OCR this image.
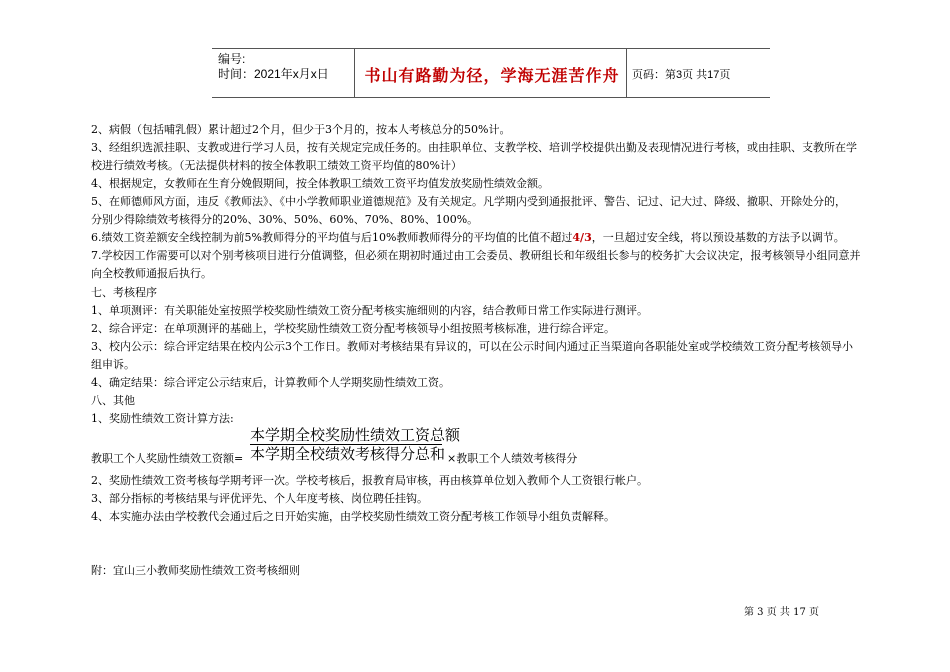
编号:
时间：2021年x月x日	书山有路勤为径，学海无涯苦作舟	页码：第3页 共17页
2、病假（包括哺乳假）累计超过2个月，但少于3个月的，按本人考核总分的50%计。
3、经组织选派挂职、支教或进行学习人员，按有关规定完成任务的。由挂职单位、支教学校、培训学校提供出勤及表现情况进行考核，或由挂职、支教所在学
校进行绩效考核。（无法提供材料的按全体教职工绩效工资平均值的80%计）
4、根据规定，女教师在生育分娩假期间，按全体教职工绩效工资平均值发放奖励性绩效金额。
5、在师德师风方面，违反《教师法》、《中小学教师职业道德规范》及有关规定。凡学期内受到通报批评、警告、记过、记大过、降级、撤职、开除处分的，
分别少得除绩效考核得分的20%、30%、50%、60%、70%、80%、100%。
6.绩效工资差额安全线控制为前5%教师得分的平均值与后10%教师教师得分的平均值的比值不超过4/3，一旦超过安全线，将以预设基数的方法予以调节。
7.学校因工作需要可以对个别考核项目进行分值调整，但必须在期初时通过由工会委员、教研组长和年级组长参与的校务扩大会议决定，报考核领导小组同意并
向全校教师通报后执行。
七、考核程序
1、单项测评：有关职能处室按照学校奖励性绩效工资分配考核实施细则的内容，结合教师日常工作实际进行测评。
2、综合评定：在单项测评的基础上，学校奖励性绩效工资分配考核领导小组按照考核标准，进行综合评定。
3、校内公示：综合评定结果在校内公示3个工作日。教师对考核结果有异议的，可以在公示时间内通过正当渠道向各职能处室或学校绩效工资分配考核领导小
组申诉。
4、确定结果：综合评定公示结束后，计算教师个人学期奖励性绩效工资。
八、其他
1、奖励性绩效工资计算方法:
教职工个人奖励性绩效工资额=
本学期全校奖励性绩效工资总额
本学期全校绩效考核得分总和 ×教职工个人绩效考核得分
2、奖励性绩效工资考核每学期考评一次。学校考核后，报教育局审核，再由核算单位划入教师个人工资银行帐户。
3、部分指标的考核结果与评优评先、个人年度考核、岗位聘任挂钩。
4、本实施办法由学校教代会通过后之日开始实施，由学校奖励性绩效工资分配考核工作领导小组负责解释。
附：宜山三小教师奖励性绩效工资考核细则
第 3 页 共 17 页
